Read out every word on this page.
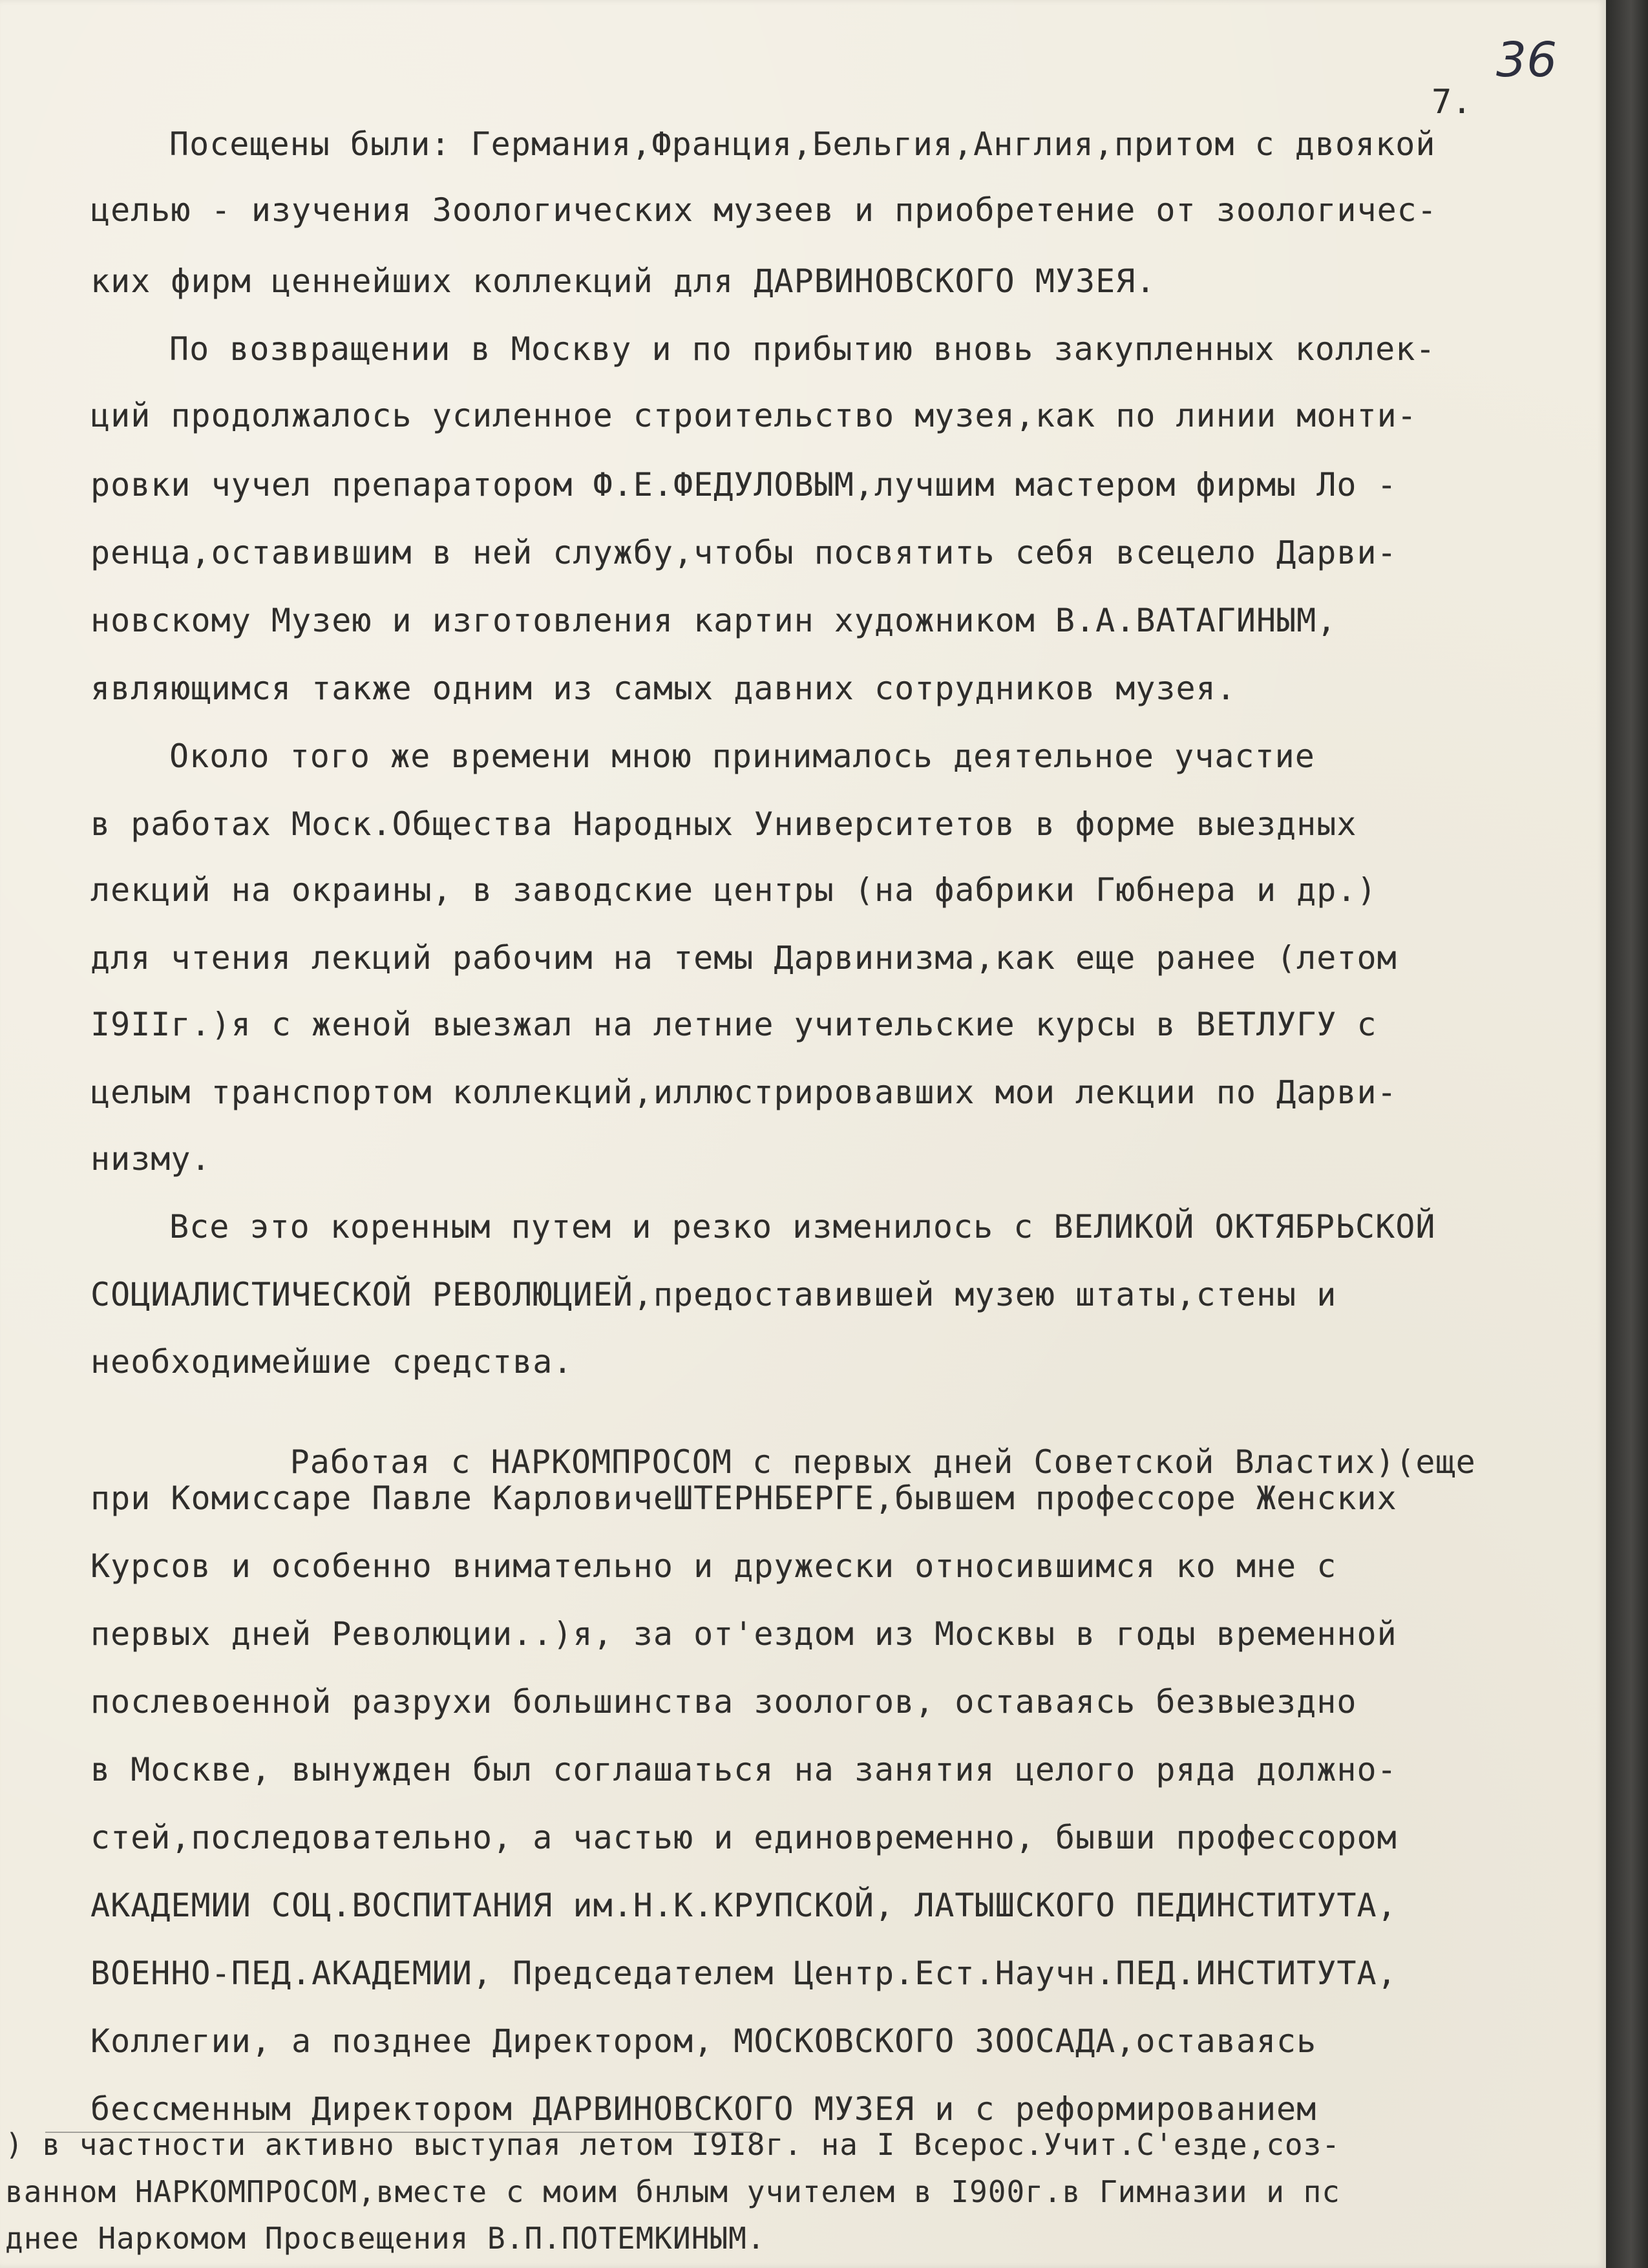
36
7.

Посещены были: Германия,Франция,Бельгия,Англия,притом с двоякой

целью - изучения Зоологических музеев и приобретение от зоологичес-

ких фирм ценнейших коллекций для ДАРВИНОВСКОГО МУЗЕЯ.

По возвращении в Москву и по прибытию вновь закупленных коллек-

ций продолжалось усиленное строительство музея,как по линии монти-

ровки чучел препаратором Ф.Е.ФЕДУЛОВЫМ,лучшим мастером фирмы Ло -

ренца,оставившим в ней службу,чтобы посвятить себя всецело Дарви-

новскому Музею и изготовления картин художником В.А.ВАТАГИНЫМ,

являющимся также одним из самых давних сотрудников музея.

Около того же времени мною принималось деятельное участие

в работах Моск.Общества Народных Университетов в форме выездных

лекций на окраины, в заводские центры (на фабрики Гюбнера и др.)

для чтения лекций рабочим на темы Дарвинизма,как еще ранее (летом

I9IIг.)я с женой выезжал на летние учительские курсы в ВЕТЛУГУ с

целым транспортом коллекций,иллюстрировавших мои лекции по Дарви-

низму.

Все это коренным путем и резко изменилось с ВЕЛИКОЙ ОКТЯБРЬСКОЙ

СОЦИАЛИСТИЧЕСКОЙ РЕВОЛЮЦИЕЙ,предоставившей музею штаты,стены и

необходимейшие средства.

Работая с НАРКОМПРОСОМ с первых дней Советской Властих)(еще

при Комиссаре Павле КарловичеШТЕРНБЕРГЕ,бывшем профессоре Женских

Курсов и особенно внимательно и дружески относившимся ко мне с

первых дней Революции..)я, за от'ездом из Москвы в годы временной

послевоенной разрухи большинства зоологов, оставаясь безвыездно

в Москве, вынужден был соглашаться на занятия целого ряда должно-

стей,последовательно, а частью и единовременно, бывши профессором

АКАДЕМИИ СОЦ.ВОСПИТАНИЯ им.Н.К.КРУПСКОЙ, ЛАТЫШСКОГО ПЕДИНСТИТУТА,

ВОЕННО-ПЕД.АКАДЕМИИ, Председателем Центр.Ест.Научн.ПЕД.ИНСТИТУТА,

Коллегии, а позднее Директором, МОСКОВСКОГО ЗООСАДА,оставаясь

бессменным Директором ДАРВИНОВСКОГО МУЗЕЯ и с реформированием

) в частности активно выступая летом I9I8г. на I Всерос.Учит.С'езде,соз-

ванном НАРКОМПРОСОМ,вместе с моим бнлым учителем в I900г.в Гимназии и пс

днее Наркомом Просвещения В.П.ПОТЕМКИНЫМ.
